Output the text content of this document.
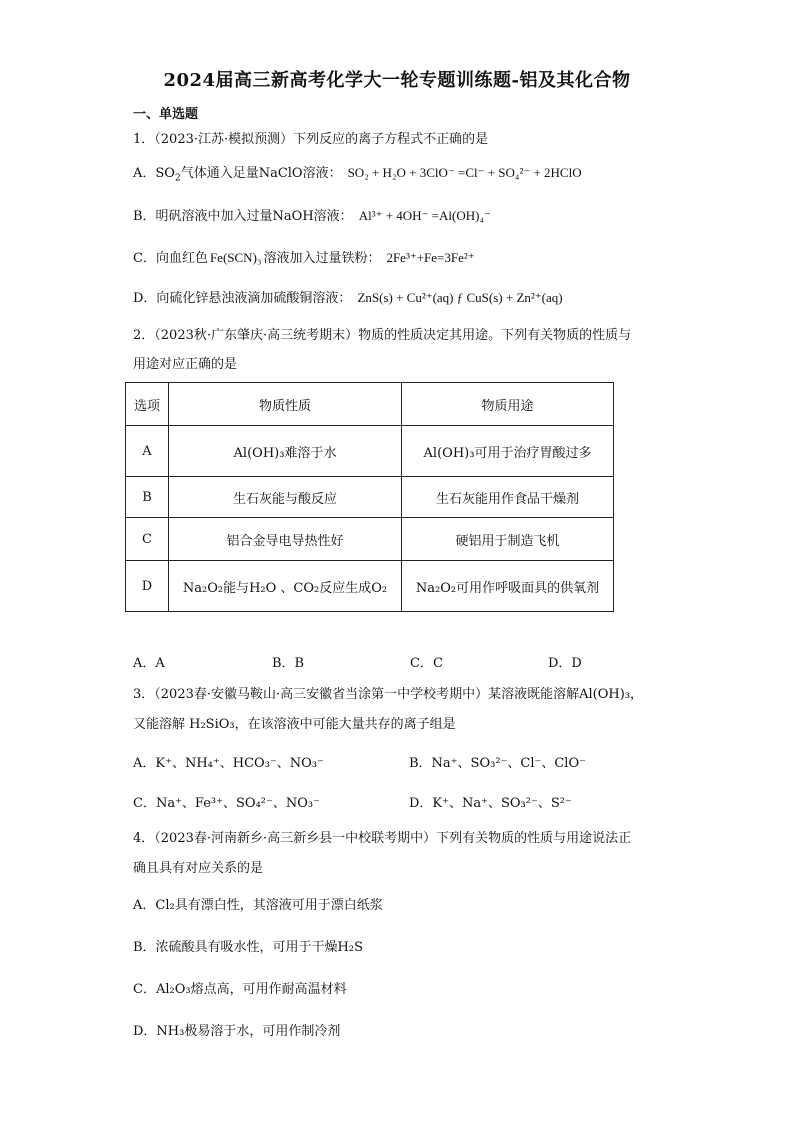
2024届高三新高考化学大一轮专题训练题-铝及其化合物
一、单选题
1．（2023·江苏·模拟预测）下列反应的离子方程式不正确的是
A．$SO_2$气体通入足量NaClO溶液： SO₂ + H₂O + 3ClO⁻ =Cl⁻ + SO₄²⁻ + 2HClO
B．明矾溶液中加入过量NaOH溶液： Al³⁺ + 4OH⁻ =Al(OH)₄⁻
C．向血红色 Fe(SCN)₃ 溶液加入过量铁粉： 2Fe³⁺+Fe=3Fe²⁺
D．向硫化锌悬浊液滴加硫酸铜溶液： ZnS(s) + Cu²⁺(aq) ƒ CuS(s) + Zn²⁺(aq)
2．（2023秋·广东肇庆·高三统考期末）物质的性质决定其用途。下列有关物质的性质与
用途对应正确的是
选项	物质性质	物质用途
A	Al(OH)₃难溶于水	Al(OH)₃可用于治疗胃酸过多
B	生石灰能与酸反应	生石灰能用作食品干燥剂
C	铝合金导电导热性好	硬铝用于制造飞机
D	Na₂O₂能与H₂O 、CO₂反应生成O₂	Na₂O₂可用作呼吸面具的供氧剂
A．A	B．B	C．C	D．D
3．（2023春·安徽马鞍山·高三安徽省当涂第一中学校考期中）某溶液既能溶解Al(OH)₃，
又能溶解 H₂SiO₃，在该溶液中可能大量共存的离子组是
A．K⁺、NH₄⁺、HCO₃⁻、NO₃⁻	B．Na⁺、SO₃²⁻、Cl⁻、ClO⁻
C．Na⁺、Fe³⁺、SO₄²⁻、NO₃⁻	D．K⁺、Na⁺、SO₃²⁻、S²⁻
4．（2023春·河南新乡·高三新乡县一中校联考期中）下列有关物质的性质与用途说法正
确且具有对应关系的是
A．Cl₂具有漂白性，其溶液可用于漂白纸浆
B．浓硫酸具有吸水性，可用于干燥H₂S
C．Al₂O₃熔点高，可用作耐高温材料
D．NH₃极易溶于水，可用作制冷剂
